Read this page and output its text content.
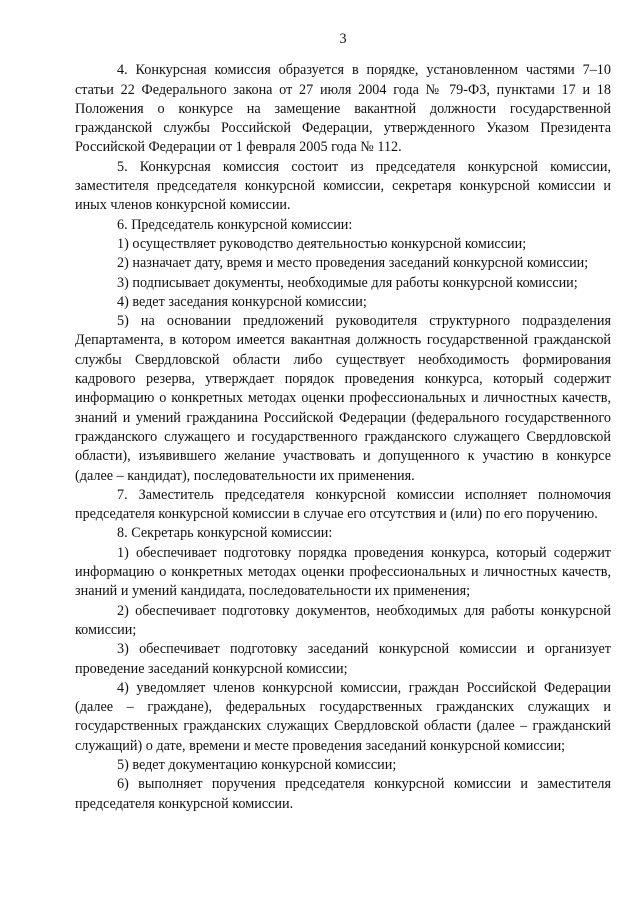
3

4. Конкурсная комиссия образуется в порядке, установленном частями 7–10 статьи 22 Федерального закона от 27 июля 2004 года № 79-ФЗ, пунктами 17 и 18 Положения о конкурсе на замещение вакантной должности государственной гражданской службы Российской Федерации, утвержденного Указом Президента Российской Федерации от 1 февраля 2005 года № 112.

5. Конкурсная комиссия состоит из председателя конкурсной комиссии, заместителя председателя конкурсной комиссии, секретаря конкурсной комиссии и иных членов конкурсной комиссии.

6. Председатель конкурсной комиссии:

1) осуществляет руководство деятельностью конкурсной комиссии;

2) назначает дату, время и место проведения заседаний конкурсной комиссии;

3) подписывает документы, необходимые для работы конкурсной комиссии;

4) ведет заседания конкурсной комиссии;

5) на основании предложений руководителя структурного подразделения Департамента, в котором имеется вакантная должность государственной гражданской службы Свердловской области либо существует необходимость формирования кадрового резерва, утверждает порядок проведения конкурса, который содержит информацию о конкретных методах оценки профессиональных и личностных качеств, знаний и умений гражданина Российской Федерации (федерального государственного гражданского служащего и государственного гражданского служащего Свердловской области), изъявившего желание участвовать и допущенного к участию в конкурсе (далее – кандидат), последовательности их применения.

7. Заместитель председателя конкурсной комиссии исполняет полномочия председателя конкурсной комиссии в случае его отсутствия и (или) по его поручению.

8. Секретарь конкурсной комиссии:

1) обеспечивает подготовку порядка проведения конкурса, который содержит информацию о конкретных методах оценки профессиональных и личностных качеств, знаний и умений кандидата, последовательности их применения;

2) обеспечивает подготовку документов, необходимых для работы конкурсной комиссии;

3) обеспечивает подготовку заседаний конкурсной комиссии и организует проведение заседаний конкурсной комиссии;

4) уведомляет членов конкурсной комиссии, граждан Российской Федерации (далее – граждане), федеральных государственных гражданских служащих и государственных гражданских служащих Свердловской области (далее – гражданский служащий) о дате, времени и месте проведения заседаний конкурсной комиссии;

5) ведет документацию конкурсной комиссии;

6) выполняет поручения председателя конкурсной комиссии и заместителя председателя конкурсной комиссии.
